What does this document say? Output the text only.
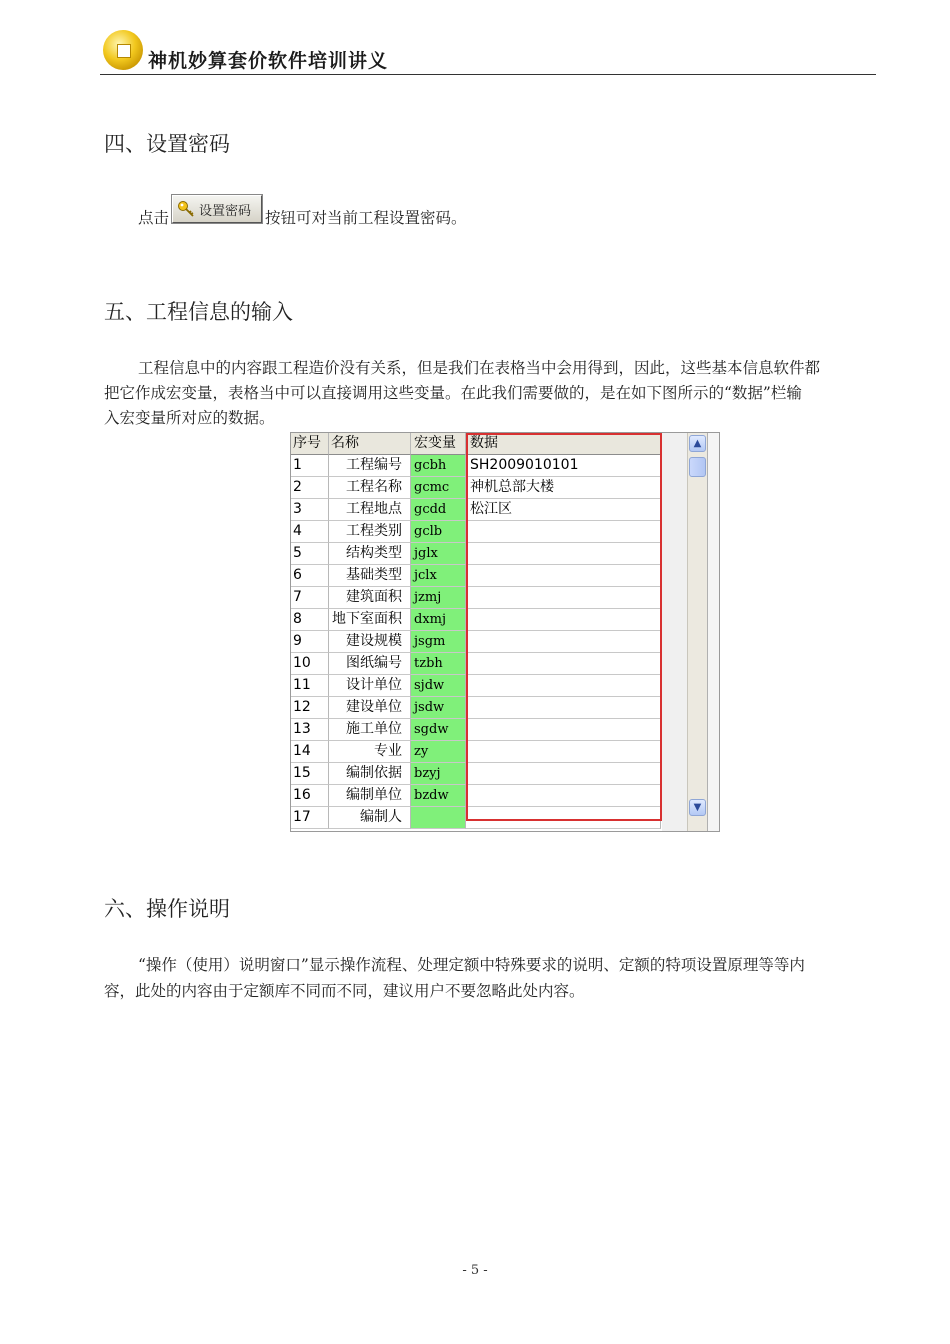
神机妙算套价软件培训讲义
四、设置密码
点击 设置密码 按钮可对当前工程设置密码。
五、工程信息的输入
工程信息中的内容跟工程造价没有关系，但是我们在表格当中会用得到，因此，这些基本信息软件都
把它作成宏变量，表格当中可以直接调用这些变量。在此我们需要做的，是在如下图所示的“数据”栏输
入宏变量所对应的数据。
序号 名称	宏变量	数据
1	工程编号 gcbh	SH2009010101
2	工程名称 gcmc	神机总部大楼
3	工程地点 gcdd	松江区
4	工程类别 gclb
5	结构类型 jglx
6	基础类型 jclx
7	建筑面积 jzmj
8	地下室面积 dxmj
9	建设规模 jsgm
10	图纸编号 tzbh
11	设计单位 sjdw
12	建设单位 jsdw
13	施工单位 sgdw
14	专业 zy
15	编制依据 bzyj
16	编制单位 bzdw
17	编制人
▲
▼
六、操作说明
“操作（使用）说明窗口”显示操作流程、处理定额中特殊要求的说明、定额的特项设置原理等等内
容，此处的内容由于定额库不同而不同，建议用户不要忽略此处内容。
- 5 -
